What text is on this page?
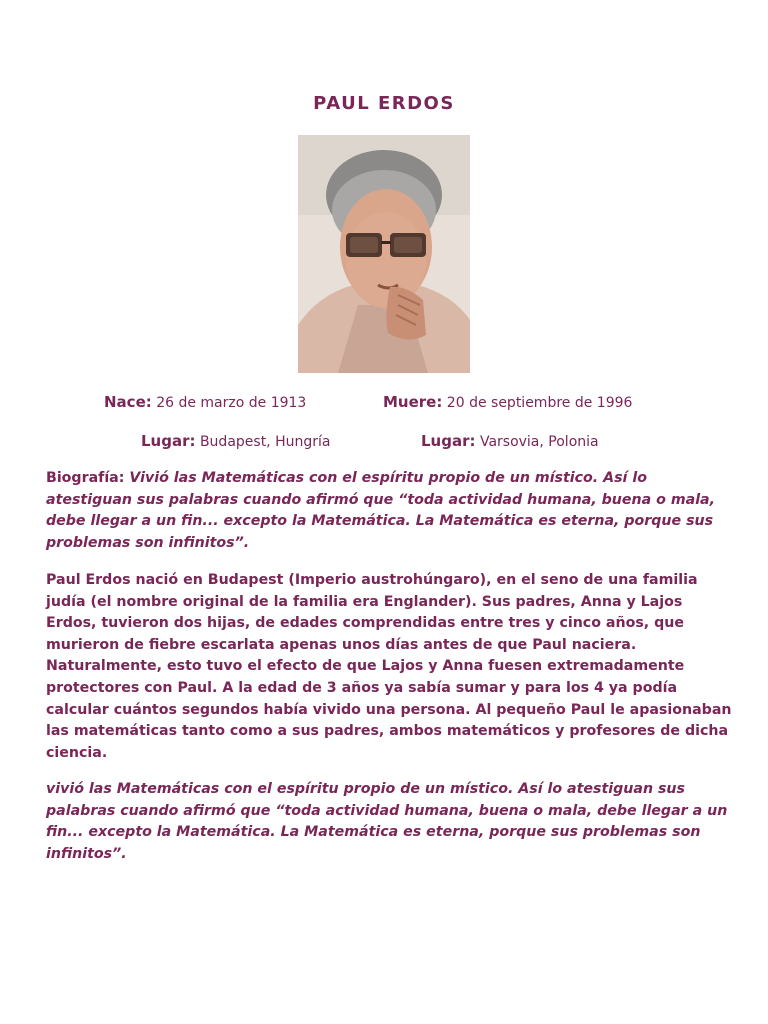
PAUL ERDOS
Nace: 26 de marzo de 1913	Muere: 20 de septiembre de 1996
Lugar: Budapest, Hungría	Lugar: Varsovia, Polonia
Biografía: Vivió las Matemáticas con el espíritu propio de un místico. Así lo atestiguan sus palabras cuando afirmó que “toda actividad humana, buena o mala, debe llegar a un fin... excepto la Matemática. La Matemática es eterna, porque sus problemas son infinitos”.
Paul Erdos nació en Budapest (Imperio austrohúngaro), en el seno de una familia judía (el nombre original de la familia era Englander). Sus padres, Anna y Lajos Erdos, tuvieron dos hijas, de edades comprendidas entre tres y cinco años, que murieron de fiebre escarlata apenas unos días antes de que Paul naciera. Naturalmente, esto tuvo el efecto de que Lajos y Anna fuesen extremadamente protectores con Paul. A la edad de 3 años ya sabía sumar y para los 4 ya podía calcular cuántos segundos había vivido una persona. Al pequeño Paul le apasionaban las matemáticas tanto como a sus padres, ambos matemáticos y profesores de dicha ciencia.
vivió las Matemáticas con el espíritu propio de un místico. Así lo atestiguan sus palabras cuando afirmó que “toda actividad humana, buena o mala, debe llegar a un fin... excepto la Matemática. La Matemática es eterna, porque sus problemas son infinitos”.
